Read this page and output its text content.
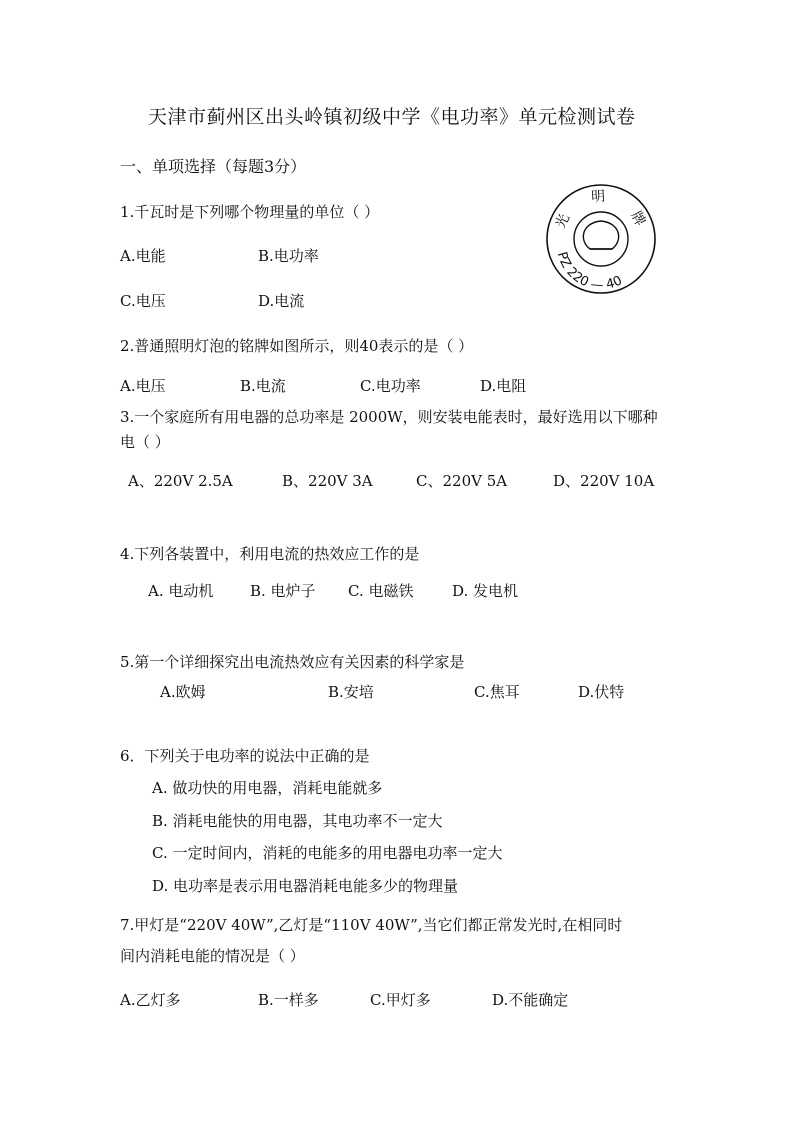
天津市蓟州区出头岭镇初级中学《电功率》单元检测试卷
一、单项选择（每题3分）
1.千瓦时是下列哪个物理量的单位（ ）
A.电能	B.电功率
C.电压	D.电流
光
明
牌
PZ 220 — 40
2.普通照明灯泡的铭牌如图所示，则40表示的是（ ）
A.电压	B.电流	C.电功率	D.电阻
3.一个家庭所有用电器的总功率是 2000W，则安装电能表时，最好选用以下哪种
电（ ）
A、220V 2.5A	B、220V 3A	C、220V 5A	D、220V 10A
4.下列各装置中，利用电流的热效应工作的是
A. 电动机 B. 电炉子 C. 电磁铁	D. 发电机
5.第一个详细探究出电流热效应有关因素的科学家是
A.欧姆	B.安培	C.焦耳	D.伏特
6．下列关于电功率的说法中正确的是
A. 做功快的用电器，消耗电能就多
B. 消耗电能快的用电器，其电功率不一定大
C. 一定时间内，消耗的电能多的用电器电功率一定大
D. 电功率是表示用电器消耗电能多少的物理量
7.甲灯是“220V 40W”,乙灯是“110V 40W”,当它们都正常发光时,在相同时
间内消耗电能的情况是（ ）
A.乙灯多	B.一样多	C.甲灯多	D.不能确定
